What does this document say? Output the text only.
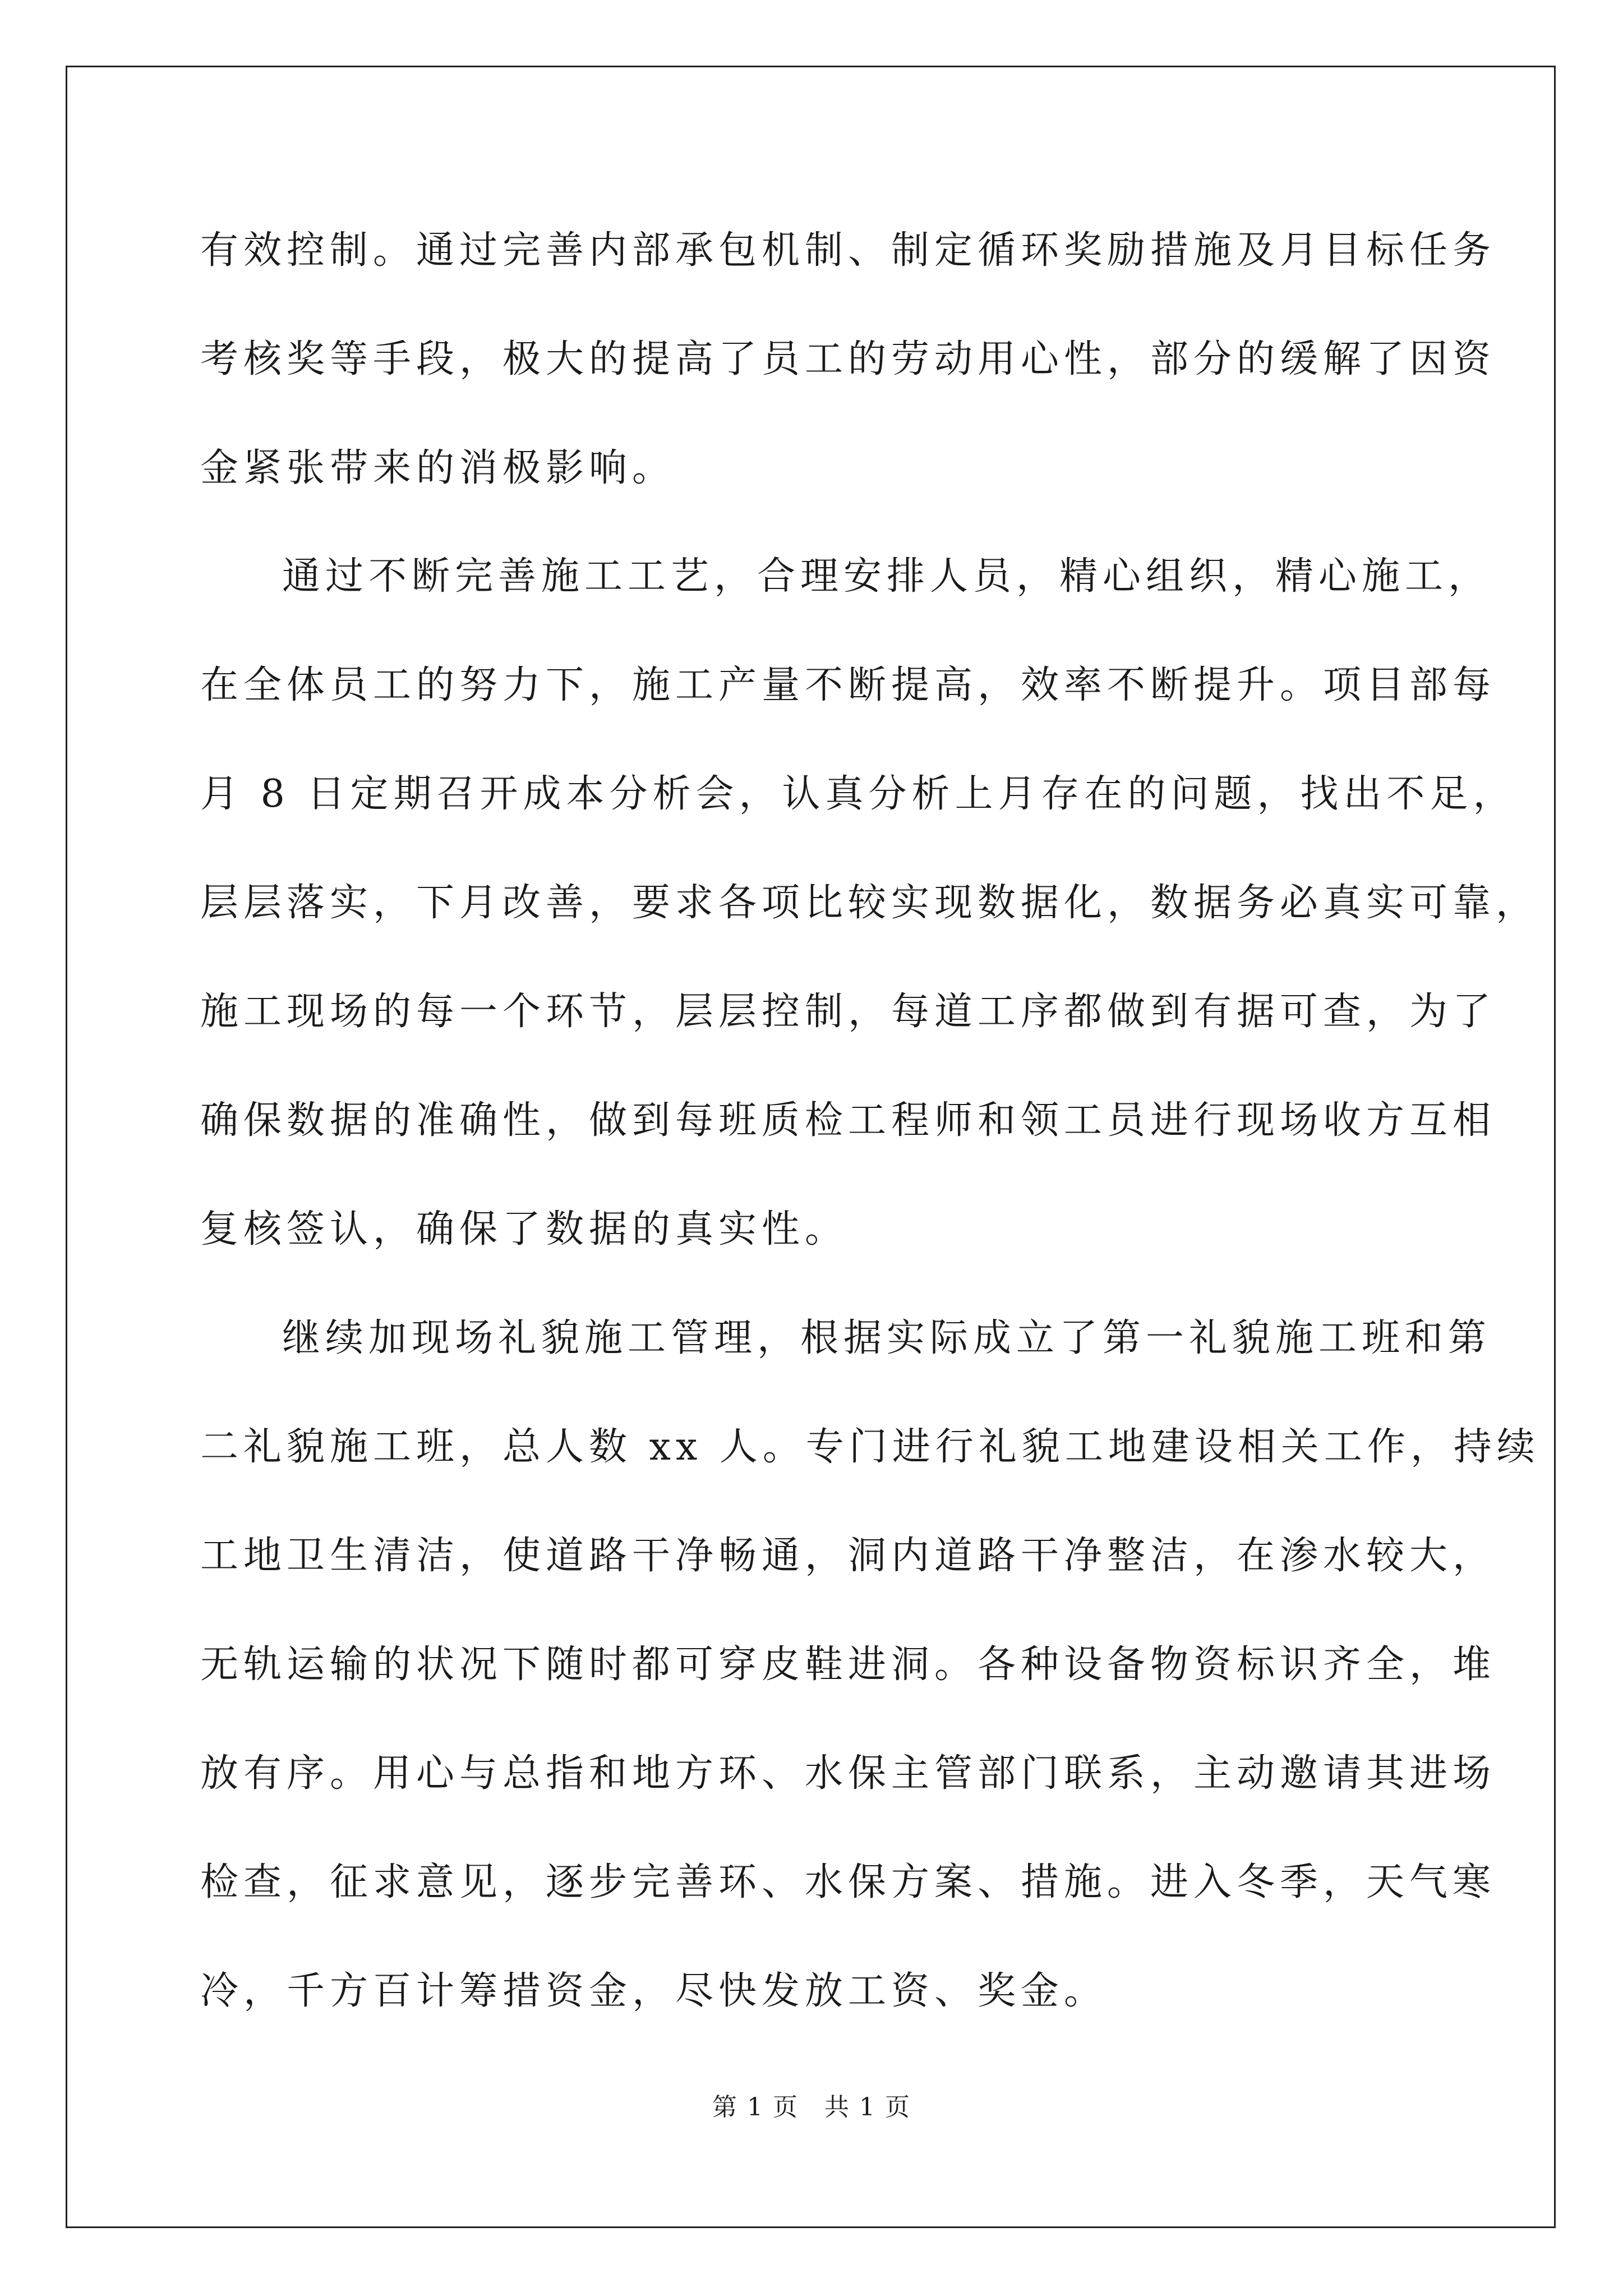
有效控制。通过完善内部承包机制、制定循环奖励措施及月目标任务
考核奖等手段，极大的提高了员工的劳动用心性，部分的缓解了因资
金紧张带来的消极影响。
通过不断完善施工工艺，合理安排人员，精心组织，精心施工，
在全体员工的努力下，施工产量不断提高，效率不断提升。项目部每
月 8 日定期召开成本分析会，认真分析上月存在的问题，找出不足，
层层落实，下月改善，要求各项比较实现数据化，数据务必真实可靠，
施工现场的每一个环节，层层控制，每道工序都做到有据可查，为了
确保数据的准确性，做到每班质检工程师和领工员进行现场收方互相
复核签认，确保了数据的真实性。
继续加现场礼貌施工管理，根据实际成立了第一礼貌施工班和第
二礼貌施工班，总人数 xx 人。专门进行礼貌工地建设相关工作，持续
工地卫生清洁，使道路干净畅通，洞内道路干净整洁，在渗水较大，
无轨运输的状况下随时都可穿皮鞋进洞。各种设备物资标识齐全，堆
放有序。用心与总指和地方环、水保主管部门联系，主动邀请其进场
检查，征求意见，逐步完善环、水保方案、措施。进入冬季，天气寒
冷，千方百计筹措资金，尽快发放工资、奖金。
第 1 页　共 1 页
